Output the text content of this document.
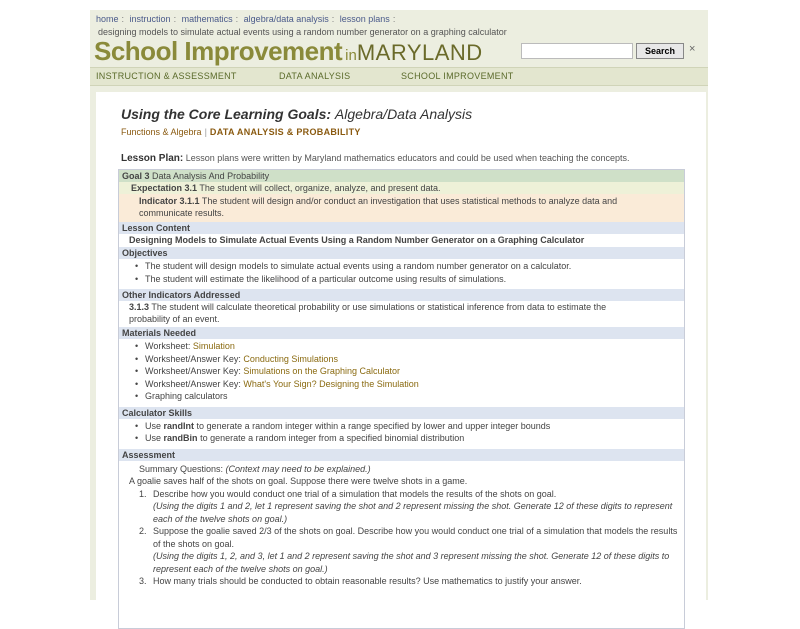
home : instruction : mathematics : algebra/data analysis : lesson plans :
designing models to simulate actual events using a random number generator on a graphing calculator
School Improvement inMARYLAND	Search	×
INSTRUCTION & ASSESSMENT	DATA ANALYSIS	SCHOOL IMPROVEMENT
Using the Core Learning Goals: Algebra/Data Analysis
Functions & Algebra | DATA ANALYSIS & PROBABILITY
Lesson Plan: Lesson plans were written by Maryland mathematics educators and could be used when teaching the concepts.
Goal 3 Data Analysis And Probability
Expectation 3.1 The student will collect, organize, analyze, and present data.
Indicator 3.1.1 The student will design and/or conduct an investigation that uses statistical methods to analyze data and
communicate results.
Lesson Content
Designing Models to Simulate Actual Events Using a Random Number Generator on a Graphing Calculator
Objectives
• The student will design models to simulate actual events using a random number generator on a calculator.
• The student will estimate the likelihood of a particular outcome using results of simulations.
Other Indicators Addressed
3.1.3 The student will calculate theoretical probability or use simulations or statistical inference from data to estimate the
probability of an event.
Materials Needed
• Worksheet: Simulation
• Worksheet/Answer Key: Conducting Simulations
• Worksheet/Answer Key: Simulations on the Graphing Calculator
• Worksheet/Answer Key: What's Your Sign? Designing the Simulation
• Graphing calculators
Calculator Skills
• Use randInt to generate a random integer within a range specified by lower and upper integer bounds
• Use randBin to generate a random integer from a specified binomial distribution
Assessment
Summary Questions: (Context may need to be explained.)
A goalie saves half of the shots on goal. Suppose there were twelve shots in a game.
1. Describe how you would conduct one trial of a simulation that models the results of the shots on goal.
(Using the digits 1 and 2, let 1 represent saving the shot and 2 represent missing the shot. Generate 12 of these digits to represent each of the twelve shots on goal.)
2. Suppose the goalie saved 2/3 of the shots on goal. Describe how you would conduct one trial of a simulation that models the results of the shots on goal.
(Using the digits 1, 2, and 3, let 1 and 2 represent saving the shot and 3 represent missing the shot. Generate 12 of these digits to represent each of the twelve shots on goal.)
3. How many trials should be conducted to obtain reasonable results? Use mathematics to justify your answer.
